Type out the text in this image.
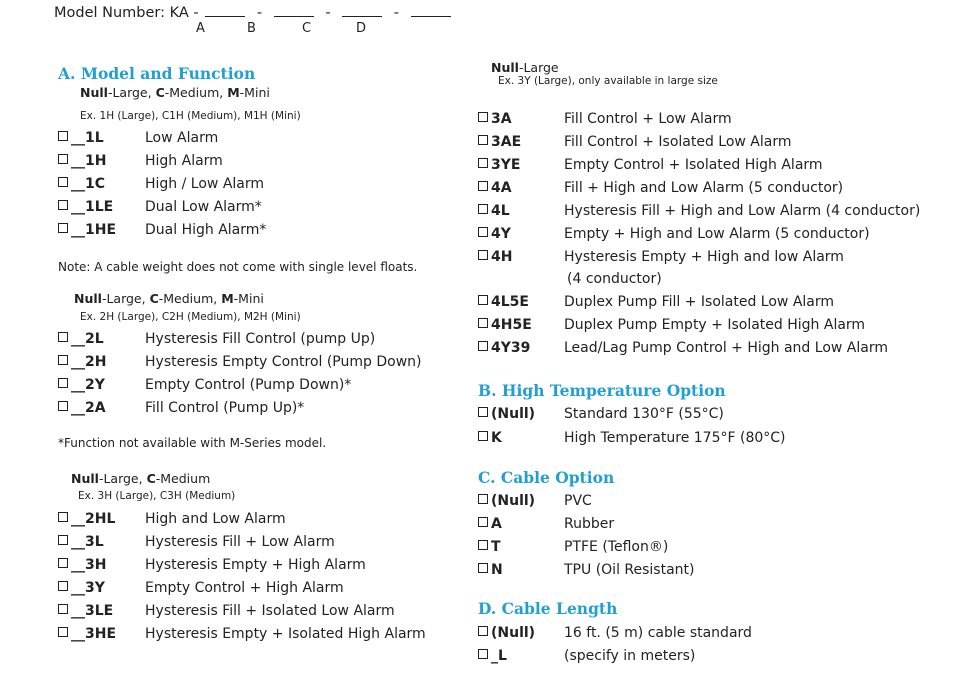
Model Number: KA -	-	-	-
A	B	C	D
A. Model and Function
Null-Large, C-Medium, M-Mini
Ex. 1H (Large), C1H (Medium), M1H (Mini)
__1L	Low Alarm
__1H	High Alarm
__1C	High / Low Alarm
__1LE Dual Low Alarm*
__1HE Dual High Alarm*
Note: A cable weight does not come with single level floats.
Null-Large, C-Medium, M-Mini
Ex. 2H (Large), C2H (Medium), M2H (Mini)
__2L	Hysteresis Fill Control (pump Up)
__2H	Hysteresis Empty Control (Pump Down)
__2Y	Empty Control (Pump Down)*
__2A	Fill Control (Pump Up)*
*Function not available with M-Series model.
Null-Large, C-Medium
Ex. 3H (Large), C3H (Medium)
__2HL High and Low Alarm
__3L	Hysteresis Fill + Low Alarm
__3H	Hysteresis Empty + High Alarm
__3Y	Empty Control + High Alarm
__3LE Hysteresis Fill + Isolated Low Alarm
__3HE Hysteresis Empty + Isolated High Alarm
Null-Large
Ex. 3Y (Large), only available in large size
3A	Fill Control + Low Alarm
3AE	Fill Control + Isolated Low Alarm
3YE	Empty Control + Isolated High Alarm
4A	Fill + High and Low Alarm (5 conductor)
4L	Hysteresis Fill + High and Low Alarm (4 conductor)
4Y	Empty + High and Low Alarm (5 conductor)
4H	Hysteresis Empty + High and low Alarm
(4 conductor)
4L5E	Duplex Pump Fill + Isolated Low Alarm
4H5E Duplex Pump Empty + Isolated High Alarm
4Y39 Lead/Lag Pump Control + High and Low Alarm
B. High Temperature Option
(Null) Standard 130°F (55°C)
K	High Temperature 175°F (80°C)
C. Cable Option
(Null) PVC
A	Rubber
T	PTFE (Teflon®)
N	TPU (Oil Resistant)
D. Cable Length
(Null) 16 ft. (5 m) cable standard
_L	(specify in meters)
